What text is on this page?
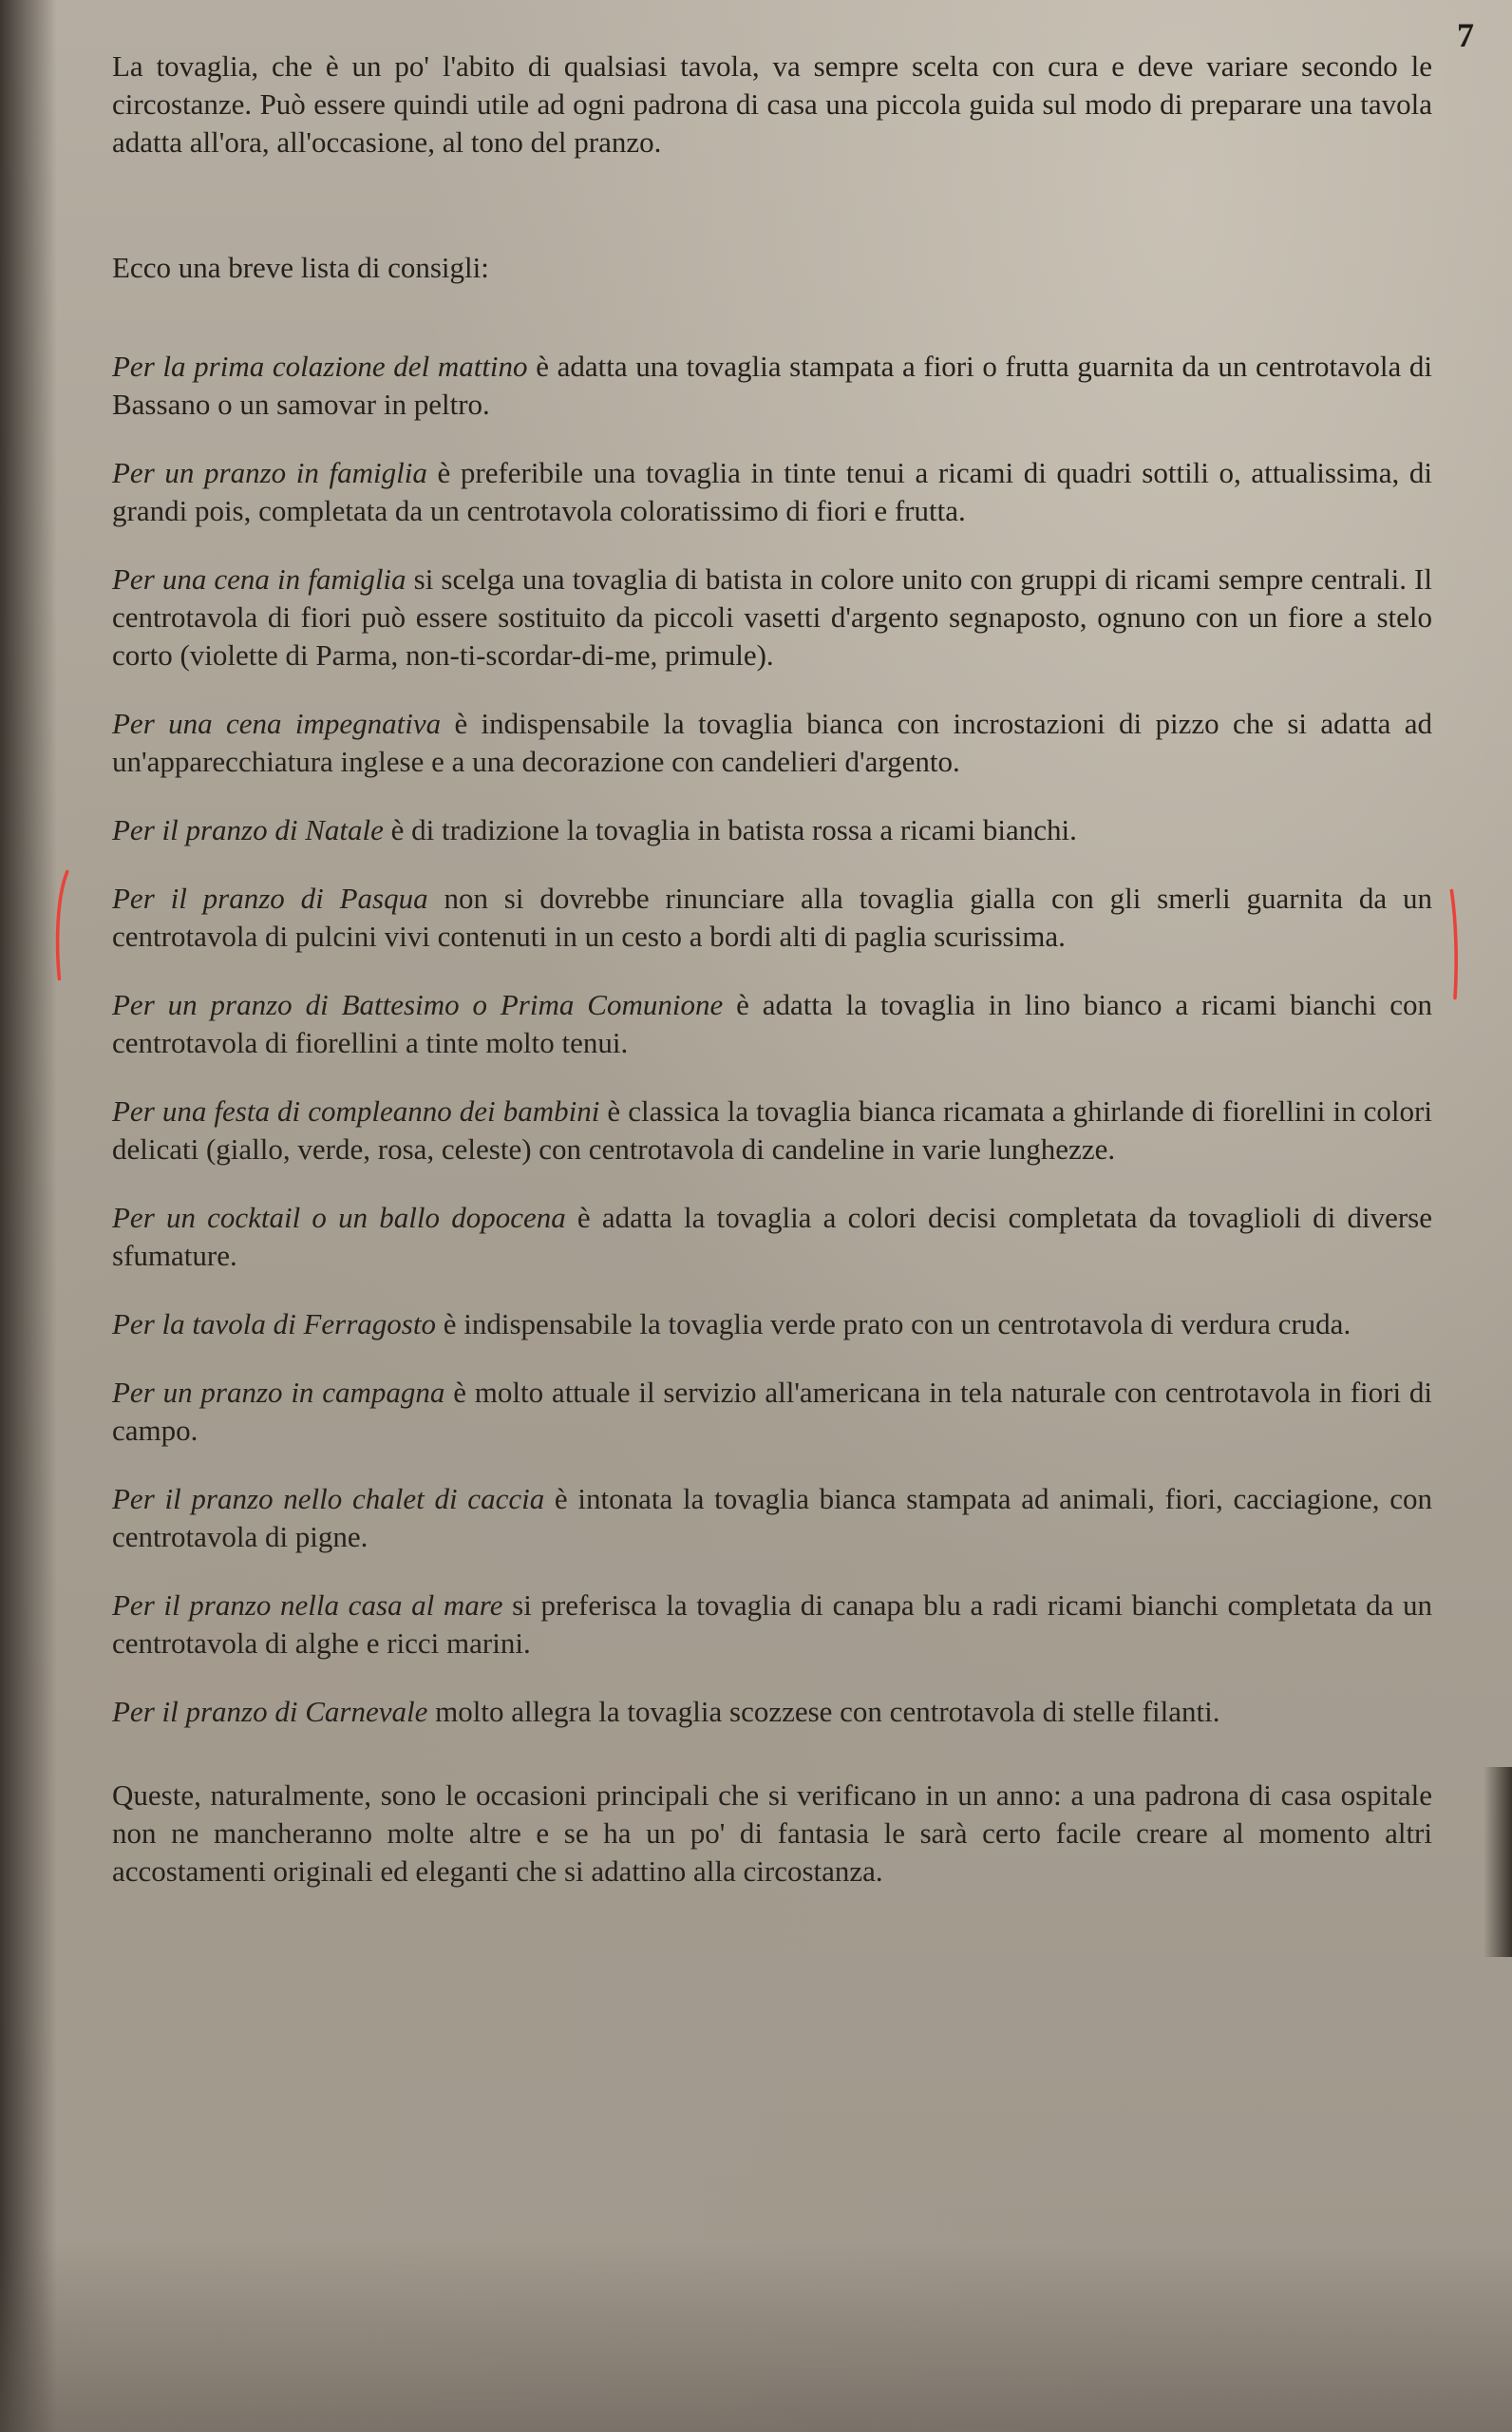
7

La tovaglia, che è un po' l'abito di qualsiasi tavola, va sempre scelta con cura e deve variare secondo le circostanze. Può essere quindi utile ad ogni padrona di casa una piccola guida sul modo di preparare una tavola adatta all'ora, all'occasione, al tono del pranzo.

Ecco una breve lista di consigli:

Per la prima colazione del mattino è adatta una tovaglia stampata a fiori o frutta guarnita da un centrotavola di Bassano o un samovar in peltro.

Per un pranzo in famiglia è preferibile una tovaglia in tinte tenui a ricami di quadri sottili o, attualissima, di grandi pois, completata da un centrotavola coloratissimo di fiori e frutta.

Per una cena in famiglia si scelga una tovaglia di batista in colore unito con gruppi di ricami sempre centrali. Il centrotavola di fiori può essere sostituito da piccoli vasetti d'argento segnaposto, ognuno con un fiore a stelo corto (violette di Parma, non-ti-scordar-di-me, primule).

Per una cena impegnativa è indispensabile la tovaglia bianca con incrostazioni di pizzo che si adatta ad un'apparecchiatura inglese e a una decorazione con candelieri d'argento.

Per il pranzo di Natale è di tradizione la tovaglia in batista rossa a ricami bianchi.

Per il pranzo di Pasqua non si dovrebbe rinunciare alla tovaglia gialla con gli smerli guarnita da un centrotavola di pulcini vivi contenuti in un cesto a bordi alti di paglia scurissima.

Per un pranzo di Battesimo o Prima Comunione è adatta la tovaglia in lino bianco a ricami bianchi con centrotavola di fiorellini a tinte molto tenui.

Per una festa di compleanno dei bambini è classica la tovaglia bianca ricamata a ghirlande di fiorellini in colori delicati (giallo, verde, rosa, celeste) con centrotavola di candeline in varie lunghezze.

Per un cocktail o un ballo dopocena è adatta la tovaglia a colori decisi completata da tovaglioli di diverse sfumature.

Per la tavola di Ferragosto è indispensabile la tovaglia verde prato con un centrotavola di verdura cruda.

Per un pranzo in campagna è molto attuale il servizio all'americana in tela naturale con centrotavola in fiori di campo.

Per il pranzo nello chalet di caccia è intonata la tovaglia bianca stampata ad animali, fiori, cacciagione, con centrotavola di pigne.

Per il pranzo nella casa al mare si preferisca la tovaglia di canapa blu a radi ricami bianchi completata da un centrotavola di alghe e ricci marini.

Per il pranzo di Carnevale molto allegra la tovaglia scozzese con centrotavola di stelle filanti.

Queste, naturalmente, sono le occasioni principali che si verificano in un anno: a una padrona di casa ospitale non ne mancheranno molte altre e se ha un po' di fantasia le sarà certo facile creare al momento altri accostamenti originali ed eleganti che si adattino alla circostanza.
